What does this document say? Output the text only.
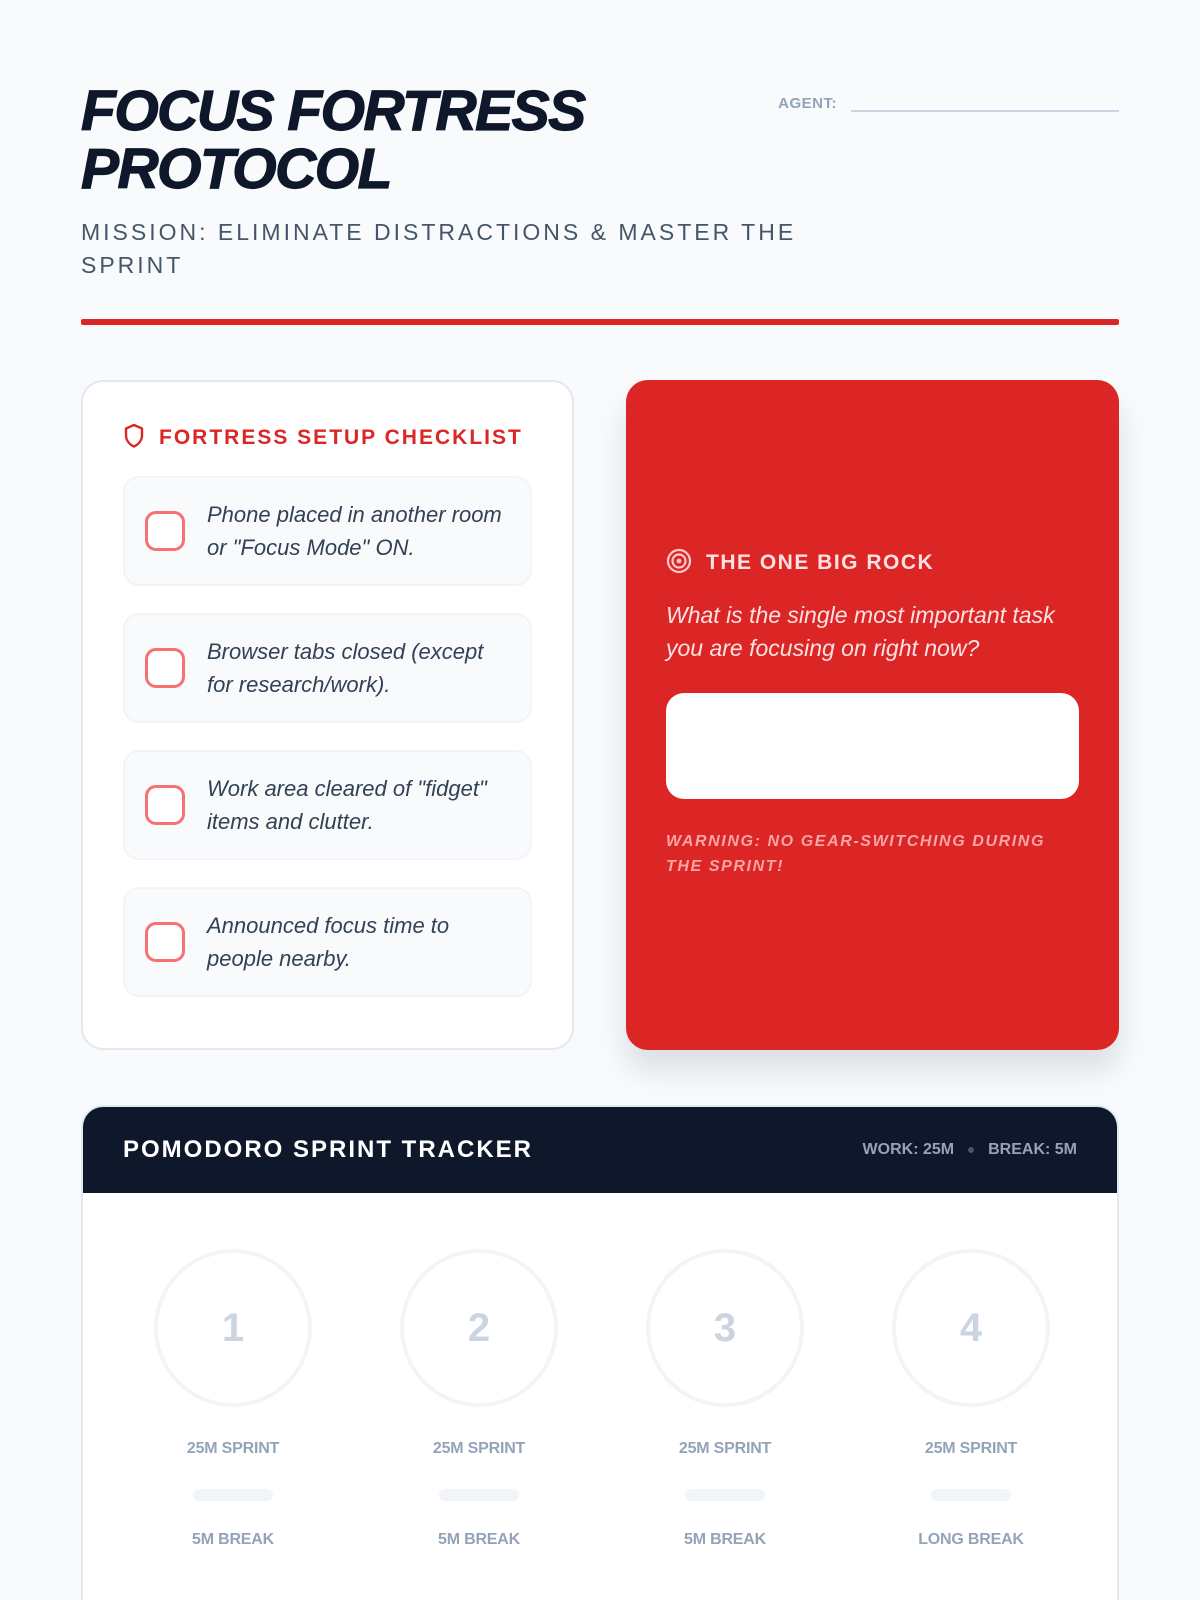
FOCUS FORTRESS PROTOCOL
MISSION: ELIMINATE DISTRACTIONS & MASTER THE SPRINT
AGENT:
FORTRESS SETUP CHECKLIST
Phone placed in another room or "Focus Mode" ON.
Browser tabs closed (except for research/work).
Work area cleared of "fidget" items and clutter.
Announced focus time to people nearby.
THE ONE BIG ROCK
What is the single most important task you are focusing on right now?
WARNING: NO GEAR-SWITCHING DURING THE SPRINT!
POMODORO SPRINT TRACKER	WORK: 25M BREAK: 5M
1
25M SPRINT
5M BREAK
2
25M SPRINT
5M BREAK
3
25M SPRINT
5M BREAK
4
25M SPRINT
LONG BREAK
